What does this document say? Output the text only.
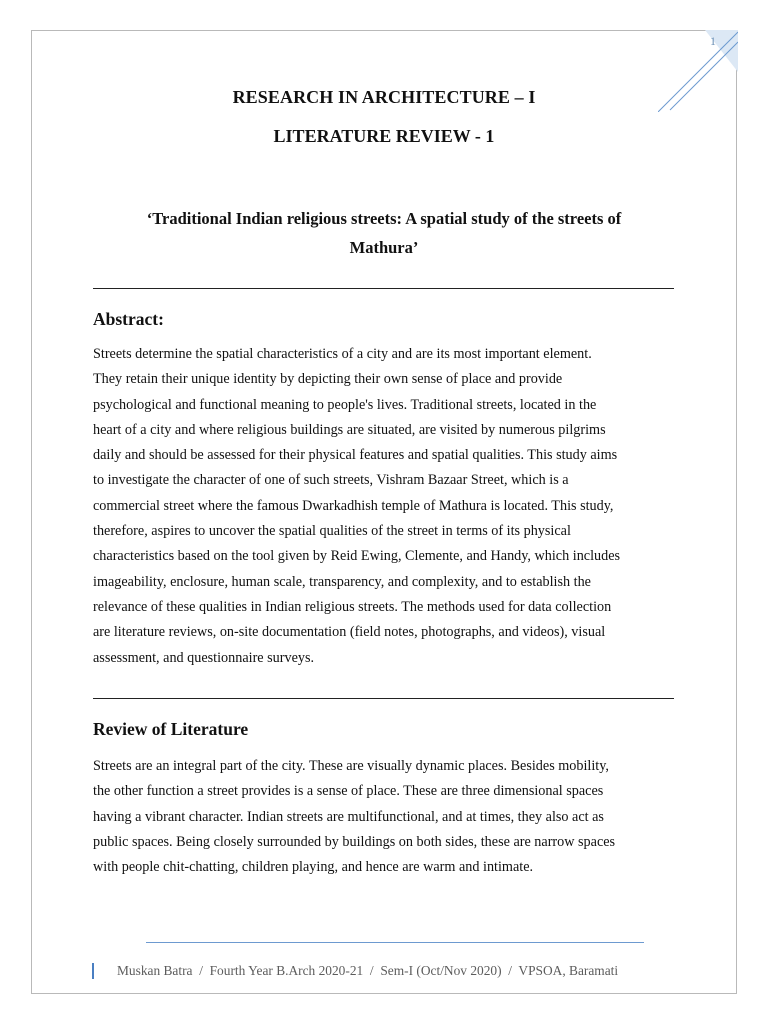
1
RESEARCH IN ARCHITECTURE – I
LITERATURE REVIEW - 1
‘Traditional Indian religious streets: A spatial study of the streets of
Mathura’
Abstract:

Streets determine the spatial characteristics of a city and are its most important element.
They retain their unique identity by depicting their own sense of place and provide
psychological and functional meaning to people's lives. Traditional streets, located in the
heart of a city and where religious buildings are situated, are visited by numerous pilgrims
daily and should be assessed for their physical features and spatial qualities. This study aims
to investigate the character of one of such streets, Vishram Bazaar Street, which is a
commercial street where the famous Dwarkadhish temple of Mathura is located. This study,
therefore, aspires to uncover the spatial qualities of the street in terms of its physical
characteristics based on the tool given by Reid Ewing, Clemente, and Handy, which includes
imageability, enclosure, human scale, transparency, and complexity, and to establish the
relevance of these qualities in Indian religious streets. The methods used for data collection
are literature reviews, on-site documentation (field notes, photographs, and videos), visual
assessment, and questionnaire surveys.

Review of Literature

Streets are an integral part of the city. These are visually dynamic places. Besides mobility,
the other function a street provides is a sense of place. These are three dimensional spaces
having a vibrant character. Indian streets are multifunctional, and at times, they also act as
public spaces. Being closely surrounded by buildings on both sides, these are narrow spaces
with people chit-chatting, children playing, and hence are warm and intimate.

Muskan Batra  /  Fourth Year B.Arch 2020-21  /  Sem-I (Oct/Nov 2020)  /  VPSOA, Baramati
